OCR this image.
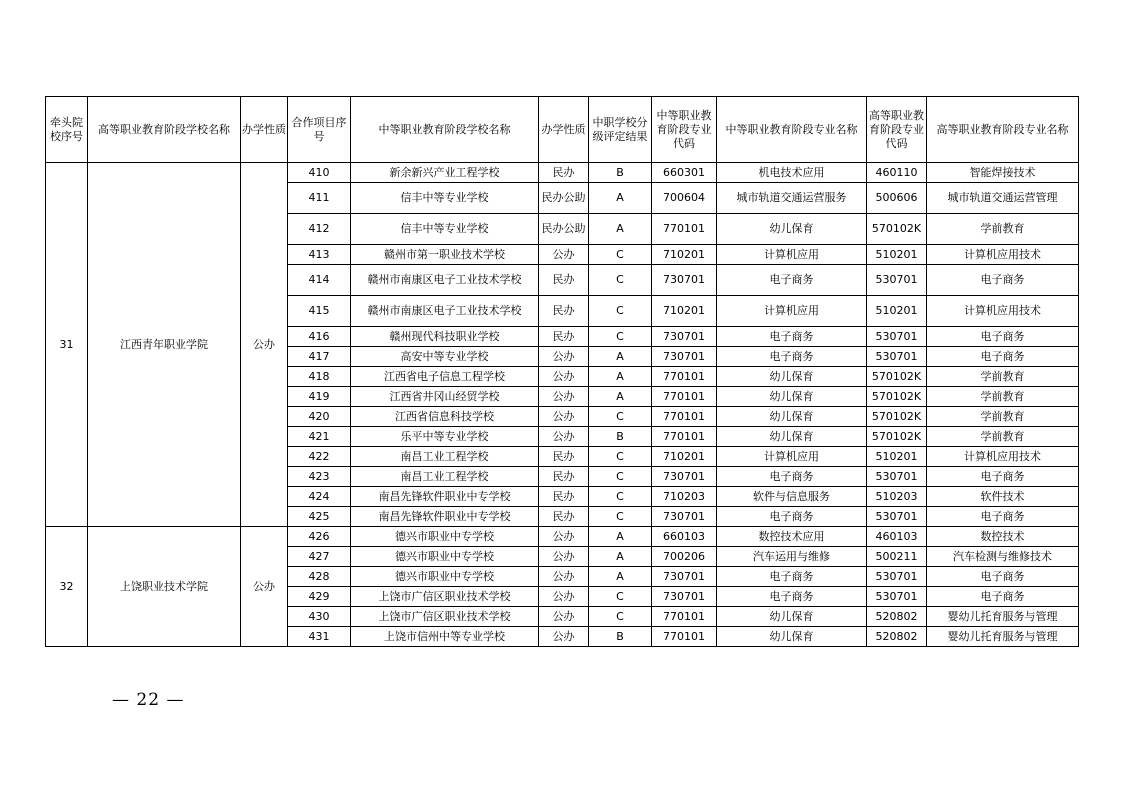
牵头院校序号	高等职业教育阶段学校名称	办学性质	合作项目序号	中等职业教育阶段学校名称	办学性质	中职学校分级评定结果	中等职业教育阶段专业代码	中等职业教育阶段专业名称	高等职业教育阶段专业代码	高等职业教育阶段专业名称
31	江西青年职业学院	公办	410	新余新兴产业工程学校	民办	B	660301	机电技术应用	460110	智能焊接技术
			411	信丰中等专业学校	民办公助	A	700604	城市轨道交通运营服务	500606	城市轨道交通运营管理
			412	信丰中等专业学校	民办公助	A	770101	幼儿保育	570102K	学前教育
			413	赣州市第一职业技术学校	公办	C	710201	计算机应用	510201	计算机应用技术
			414	赣州市南康区电子工业技术学校	民办	C	730701	电子商务	530701	电子商务
			415	赣州市南康区电子工业技术学校	民办	C	710201	计算机应用	510201	计算机应用技术
			416	赣州现代科技职业学校	民办	C	730701	电子商务	530701	电子商务
			417	高安中等专业学校	公办	A	730701	电子商务	530701	电子商务
			418	江西省电子信息工程学校	公办	A	770101	幼儿保育	570102K	学前教育
			419	江西省井冈山经贸学校	公办	A	770101	幼儿保育	570102K	学前教育
			420	江西省信息科技学校	公办	C	770101	幼儿保育	570102K	学前教育
			421	乐平中等专业学校	公办	B	770101	幼儿保育	570102K	学前教育
			422	南昌工业工程学校	民办	C	710201	计算机应用	510201	计算机应用技术
			423	南昌工业工程学校	民办	C	730701	电子商务	530701	电子商务
			424	南昌先锋软件职业中专学校	民办	C	710203	软件与信息服务	510203	软件技术
			425	南昌先锋软件职业中专学校	民办	C	730701	电子商务	530701	电子商务
32	上饶职业技术学院	公办	426	德兴市职业中专学校	公办	A	660103	数控技术应用	460103	数控技术
			427	德兴市职业中专学校	公办	A	700206	汽车运用与维修	500211	汽车检测与维修技术
			428	德兴市职业中专学校	公办	A	730701	电子商务	530701	电子商务
			429	上饶市广信区职业技术学校	公办	C	730701	电子商务	530701	电子商务
			430	上饶市广信区职业技术学校	公办	C	770101	幼儿保育	520802	婴幼儿托育服务与管理
			431	上饶市信州中等专业学校	公办	B	770101	幼儿保育	520802	婴幼儿托育服务与管理
— 22 —
